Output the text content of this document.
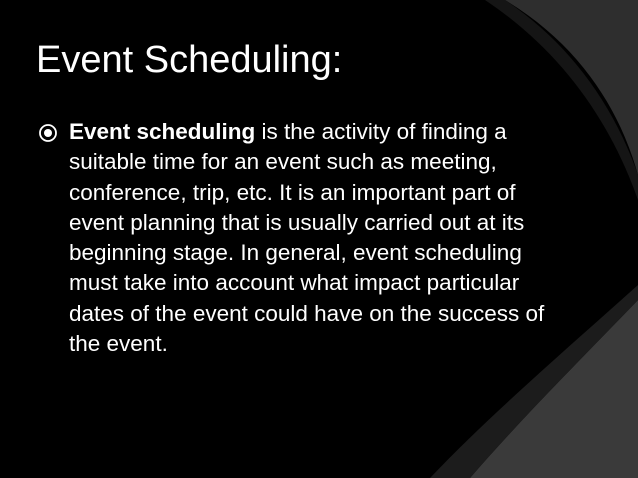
Event Scheduling:

Event scheduling is the activity of finding a suitable time for an event such as meeting, conference, trip, etc. It is an important part of event planning that is usually carried out at its beginning stage. In general, event scheduling must take into account what impact particular dates of the event could have on the success of the event.
